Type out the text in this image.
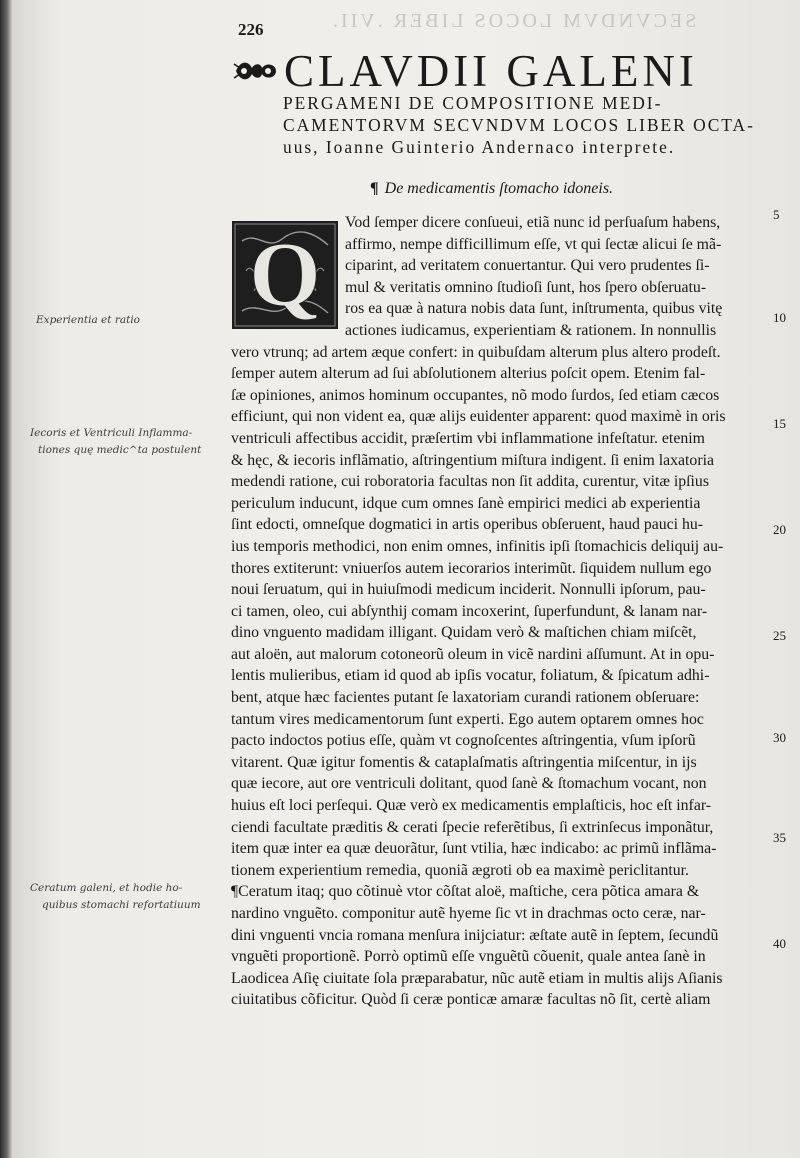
SECVNDVM LOCOS LIBER .VII.
226
CLAVDII GALENI
PERGAMENI DE COMPOSITIONE MEDI-
CAMENTORVM SECVNDVM LOCOS LIBER OCTA-
uus, Ioanne Guinterio Andernaco interprete.
¶ De medicamentis ſtomacho idoneis.
Q
Vod ſemper dicere conſueui, etiã nunc id perſuaſum habens,
affirmo, nempe difficillimum eſſe, vt qui ſectæ alicui ſe mã-
ciparint, ad veritatem conuertantur. Qui vero prudentes ſi-
mul & veritatis omnino ſtudioſi ſunt, hos ſpero obſeruatu-
ros ea quæ à natura nobis data ſunt, inſtrumenta, quibus vitę
actiones iudicamus, experientiam & rationem. In nonnullis
vero vtrunq; ad artem æque confert: in quibuſdam alterum plus altero prodeſt.
ſemper autem alterum ad ſui abſolutionem alterius poſcit opem. Etenim fal-
ſæ opiniones, animos hominum occupantes, nõ modo ſurdos, ſed etiam cæcos
efficiunt, qui non vident ea, quæ alijs euidenter apparent: quod maximè in oris
ventriculi affectibus accidit, præſertim vbi inflammatione infeſtatur. etenim
& hęc, & iecoris inflãmatio, aſtringentium miſtura indigent. ſi enim laxatoria
medendi ratione, cui roboratoria facultas non ſit addita, curentur, vitæ ipſius
periculum inducunt, idque cum omnes ſanè empirici medici ab experientia
ſint edocti, omneſque dogmatici in artis operibus obſeruent, haud pauci hu-
ius temporis methodici, non enim omnes, infinitis ipſi ſtomachicis deliquij au-
thores extiterunt: vniuerſos autem iecorarios interimũt. ſiquidem nullum ego
noui ſeruatum, qui in huiuſmodi medicum inciderit. Nonnulli ipſorum, pau-
ci tamen, oleo, cui abſynthij comam incoxerint, ſuperfundunt, & lanam nar-
dino vnguento madidam illigant. Quidam verò & maſtichen chiam miſcẽt,
aut aloën, aut malorum cotoneorũ oleum in vicẽ nardini aſſumunt. At in opu-
lentis mulieribus, etiam id quod ab ipſis vocatur, foliatum, & ſpicatum adhi-
bent, atque hæc facientes putant ſe laxatoriam curandi rationem obſeruare:
tantum vires medicamentorum ſunt experti. Ego autem optarem omnes hoc
pacto indoctos potius eſſe, quàm vt cognoſcentes aſtringentia, vſum ipſorũ
vitarent. Quæ igitur fomentis & cataplaſmatis aſtringentia miſcentur, in ijs
quæ iecore, aut ore ventriculi dolitant, quod ſanè & ſtomachum vocant, non
huius eſt loci perſequi. Quæ verò ex medicamentis emplaſticis, hoc eſt infar-
ciendi facultate præditis & cerati ſpecie referẽtibus, ſi extrinſecus imponãtur,
item quæ inter ea quæ deuorãtur, ſunt vtilia, hæc indicabo: ac primũ inflãma-
tionem experientium remedia, quoniã ægroti ob ea maximè periclitantur.
¶Ceratum itaq; quo cõtinuè vtor cõſtat aloë, maſtiche, cera põtica amara &
nardino vnguẽto. componitur autẽ hyeme ſic vt in drachmas octo ceræ, nar-
dini vnguenti vncia romana menſura inijciatur: æſtate autẽ in ſeptem, ſecundũ
vnguẽti proportionẽ. Porrò optimũ eſſe vnguẽtũ cõuenit, quale antea ſanè in
Laodicea Aſię ciuitate ſola præparabatur, nũc autẽ etiam in multis alijs Aſianis
ciuitatibus cõficitur. Quòd ſi ceræ ponticæ amaræ facultas nõ ſit, certè aliam
5
10
15
20
25
30
35
40
Experientia et ratio
Iecoris et Ventriculi Inflamma-
tiones quę medic^ta postulent
Ceratum galeni, et hodie ho-
quibus stomachi refortatiuum
